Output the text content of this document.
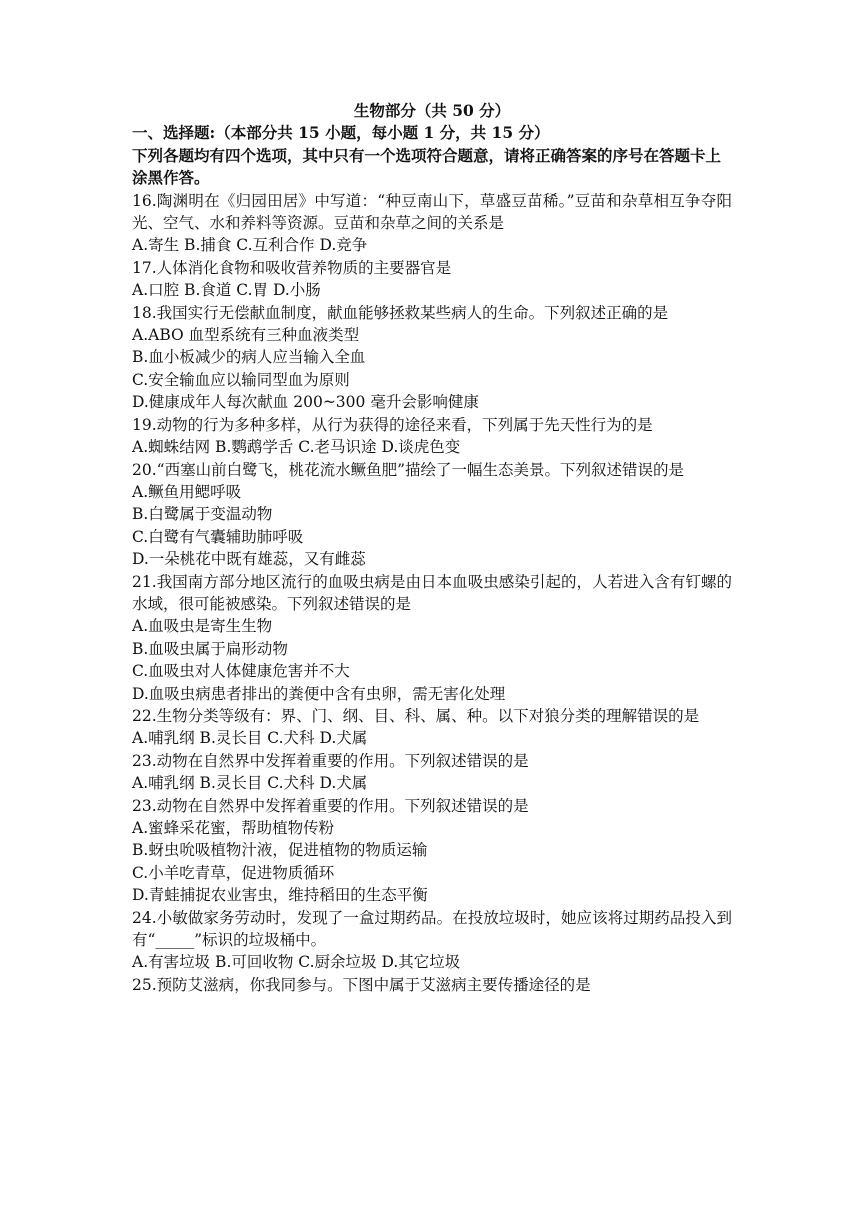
生物部分（共 50 分）

一、选择题:（本部分共 15 小题，每小题 1 分，共 15 分）

下列各题均有四个选项，其中只有一个选项符合题意，请将正确答案的序号在答题卡上涂黑作答。

16.陶渊明在《归园田居》中写道：“种豆南山下，草盛豆苗稀。”豆苗和杂草相互争夺阳光、空气、水和养料等资源。豆苗和杂草之间的关系是

A.寄生 B.捕食 C.互利合作 D.竞争

17.人体消化食物和吸收营养物质的主要器官是

A.口腔 B.食道 C.胃 D.小肠

18.我国实行无偿献血制度，献血能够拯救某些病人的生命。下列叙述正确的是

A.ABO 血型系统有三种血液类型

B.血小板减少的病人应当输入全血

C.安全输血应以输同型血为原则

D.健康成年人每次献血 200~300 毫升会影响健康

19.动物的行为多种多样，从行为获得的途径来看，下列属于先天性行为的是

A.蜘蛛结网 B.鹦鹉学舌 C.老马识途 D.谈虎色变

20.“西塞山前白鹭飞，桃花流水鳜鱼肥”描绘了一幅生态美景。下列叙述错误的是

A.鳜鱼用鳃呼吸

B.白鹭属于变温动物

C.白鹭有气囊辅助肺呼吸

D.一朵桃花中既有雄蕊，又有雌蕊

21.我国南方部分地区流行的血吸虫病是由日本血吸虫感染引起的，人若进入含有钉螺的水域，很可能被感染。下列叙述错误的是

A.血吸虫是寄生生物

B.血吸虫属于扁形动物

C.血吸虫对人体健康危害并不大

D.血吸虫病患者排出的粪便中含有虫卵，需无害化处理

22.生物分类等级有：界、门、纲、目、科、属、种。以下对狼分类的理解错误的是

A.哺乳纲 B.灵长目 C.犬科 D.犬属

23.动物在自然界中发挥着重要的作用。下列叙述错误的是

A.哺乳纲 B.灵长目 C.犬科 D.犬属

23.动物在自然界中发挥着重要的作用。下列叙述错误的是

A.蜜蜂采花蜜，帮助植物传粉

B.蚜虫吮吸植物汁液，促进植物的物质运输

C.小羊吃青草，促进物质循环

D.青蛙捕捉农业害虫，维持稻田的生态平衡

24.小敏做家务劳动时，发现了一盒过期药品。在投放垃圾时，她应该将过期药品投入到有“_____”标识的垃圾桶中。

A.有害垃圾 B.可回收物 C.厨余垃圾 D.其它垃圾

25.预防艾滋病，你我同参与。下图中属于艾滋病主要传播途径的是
